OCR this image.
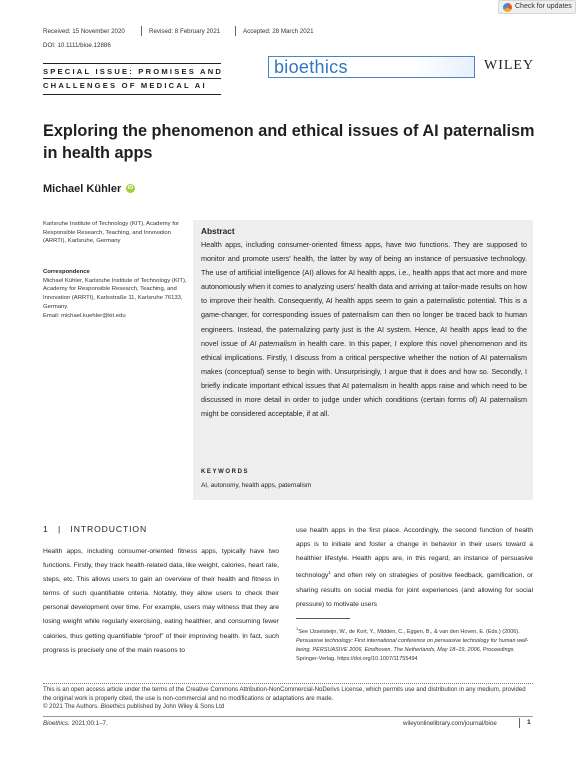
Check for updates
Received: 15 November 2020	Revised: 8 February 2021	Accepted: 28 March 2021
DOI: 10.1111/bioe.12886
SPECIAL ISSUE: PROMISES AND
CHALLENGES OF MEDICAL AI
bioethics	WILEY
Exploring the phenomenon and ethical issues of AI paternalism in health apps
Michael Kühler	iD
Karlsruhe Institute of Technology (KIT), Academy for Responsible Research, Teaching, and Innovation (ARRTI), Karlsruhe, Germany
Correspondence
Michael Kühler, Karlsruhe Institute of Technology (KIT), Academy for Responsible Research, Teaching, and Innovation (ARRTI), Karlsstraße 11, Karlsruhe 76133, Germany.
Email: michael.kuehler@kit.edu
Abstract
Health apps, including consumer‐oriented fitness apps, have two functions. They are supposed to monitor and promote users' health, the latter by way of being an instance of persuasive technology. The use of artificial intelligence (AI) allows for AI health apps, i.e., health apps that act more and more autonomously when it comes to analyzing users' health data and arriving at tailor‐made results on how to improve their health. Consequently, AI health apps seem to gain a paternalistic potential. This is a game‐changer, for corresponding issues of paternalism can then no longer be traced back to human engineers. Instead, the paternalizing party just is the AI system. Hence, AI health apps lead to the novel issue of AI paternalism in health care. In this paper, I explore this novel phenomenon and its ethical implications. Firstly, I discuss from a critical perspective whether the notion of AI paternalism makes (conceptual) sense to begin with. Unsurprisingly, I argue that it does and how so. Secondly, I briefly indicate important ethical issues that AI paternalism in health apps raise and which need to be discussed in more detail in order to judge under which conditions (certain forms of) AI paternalism might be considered acceptable, if at all.
KEYWORDS
AI, autonomy, health apps, paternalism
1 | INTRODUCTION
Health apps, including consumer‐oriented fitness apps, typically have two functions. Firstly, they track health‐related data, like weight, calories, heart rate, steps, etc. This allows users to gain an overview of their health and fitness in terms of such quantifiable criteria. Notably, they allow users to check their personal development over time. For example, users may witness that they are losing weight while regularly exercising, eating healthier, and consuming fewer calories, thus getting quantifiable “proof” of their improving health. In fact, such progress is precisely one of the main reasons to
use health apps in the first place. Accordingly, the second function of health apps is to initiate and foster a change in behavior in their users toward a healthier lifestyle. Health apps are, in this regard, an instance of persuasive technology$^1$ and often rely on strategies of positive feedback, gamification, or sharing results on social media for joint experiences (and allowing for social pressure) to motivate users
$^1$See IJsselsteijn, W., de Kort, Y., Midden, C., Eggen, B., & van den Hoven, E. (Eds.) (2006). Persuasive technology: First international conference on persuasive technology for human well‐being, PERSUASIVE 2006, Eindhoven, The Netherlands, May 18–19, 2006, Proceedings. Springer‐Verlag. https://doi.org/10.1007/11755494
This is an open access article under the terms of the Creative Commons Attribution‐NonCommercial‐NoDerivs License, which permits use and distribution in any medium, provided the original work is properly cited, the use is non‐commercial and no modifications or adaptations are made.
© 2021 The Authors. Bioethics published by John Wiley & Sons Ltd
Bioethics. 2021;00:1–7.	wileyonlinelibrary.com/journal/bioe	1
